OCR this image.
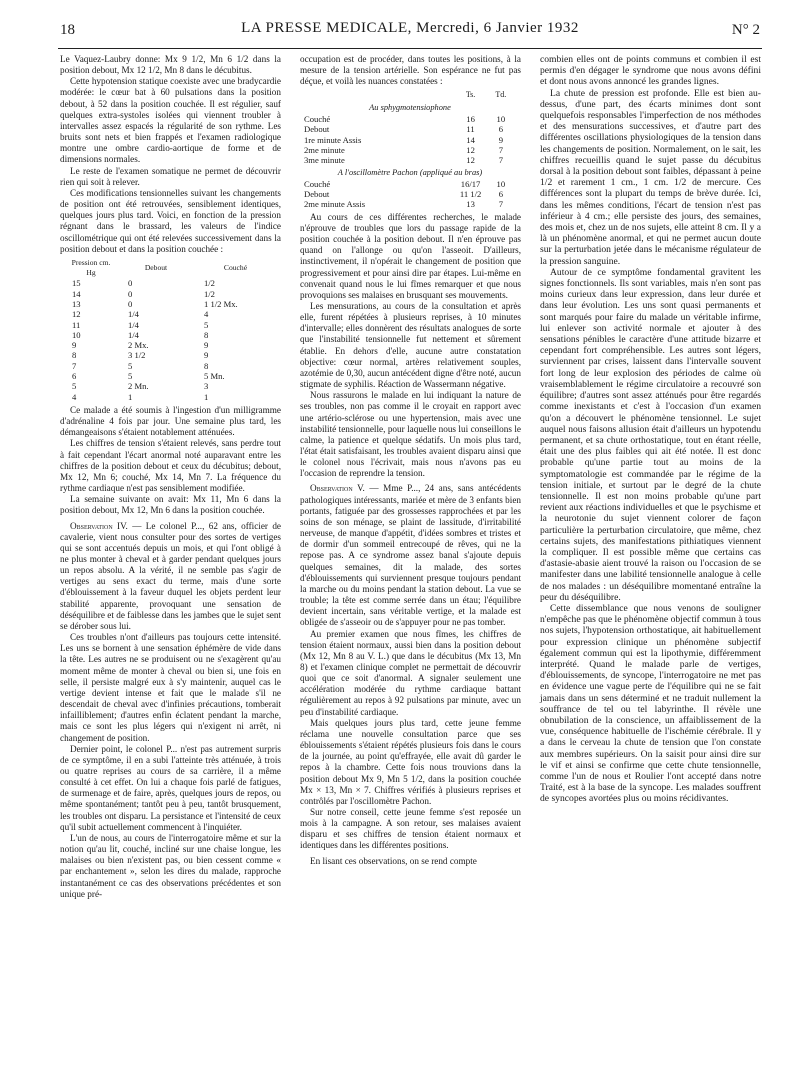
18	LA PRESSE MEDICALE, Mercredi, 6 Janvier 1932	N° 2

Le Vaquez-Laubry donne: Mx 9 1/2, Mn 6 1/2 dans la position debout, Mx 12 1/2, Mn 8 dans le décubitus.

Cette hypotension statique coexiste avec une bradycardie modérée: le cœur bat à 60 pulsations dans la position debout, à 52 dans la position couchée. Il est régulier, sauf quelques extra-systoles isolées qui viennent troubler à intervalles assez espacés la régularité de son rythme. Les bruits sont nets et bien frappés et l'examen radiologique montre une ombre cardio-aortique de forme et de dimensions normales.

Le reste de l'examen somatique ne permet de découvrir rien qui soit à relever.

Ces modifications tensionnelles suivant les changements de position ont été retrouvées, sensiblement identiques, quelques jours plus tard. Voici, en fonction de la pression régnant dans le brassard, les valeurs de l'indice oscillométrique qui ont été relevées successivement dans la position debout et dans la position couchée :

Pression cm. Hg	Debout	Couché
15	0	1/2
14	0	1/2
13	0	1 1/2 Mx.
12	1/4	4
11	1/4	5
10	1/4	8
9	2 Mx.	9
8	3 1/2	9
7	5	8
6	5	5 Mn.
5	2 Mn.	3
4	1	1

Ce malade a été soumis à l'ingestion d'un milligramme d'adrénaline 4 fois par jour. Une semaine plus tard, les démangeaisons s'étaient notablement atténuées.

Les chiffres de tension s'étaient relevés, sans perdre tout à fait cependant l'écart anormal noté auparavant entre les chiffres de la position debout et ceux du décubitus; debout, Mx 12, Mn 6; couché, Mx 14, Mn 7. La fréquence du rythme cardiaque n'est pas sensiblement modifiée.

La semaine suivante on avait: Mx 11, Mn 6 dans la position debout, Mx 12, Mn 6 dans la position couchée.

Observation IV. — Le colonel P..., 62 ans, officier de cavalerie, vient nous consulter pour des sortes de vertiges qui se sont accentués depuis un mois, et qui l'ont obligé à ne plus monter à cheval et à garder pendant quelques jours un repos absolu. A la vérité, il ne semble pas s'agir de vertiges au sens exact du terme, mais d'une sorte d'éblouissement à la faveur duquel les objets perdent leur stabilité apparente, provoquant une sensation de déséquilibre et de faiblesse dans les jambes que le sujet sent se dérober sous lui.

Ces troubles n'ont d'ailleurs pas toujours cette intensité. Les uns se bornent à une sensation éphémère de vide dans la tête. Les autres ne se produisent ou ne s'exagèrent qu'au moment même de monter à cheval ou bien si, une fois en selle, il persiste malgré eux à s'y maintenir, auquel cas le vertige devient intense et fait que le malade s'il ne descendait de cheval avec d'infinies précautions, tomberait infailliblement; d'autres enfin éclatent pendant la marche, mais ce sont les plus légers qui n'exigent ni arrêt, ni changement de position.

Dernier point, le colonel P... n'est pas autrement surpris de ce symptôme, il en a subi l'atteinte très atténuée, à trois ou quatre reprises au cours de sa carrière, il a même consulté à cet effet. On lui a chaque fois parlé de fatigues, de surmenage et de faire, après, quelques jours de repos, ou même spontanément; tantôt peu à peu, tantôt brusquement, les troubles ont disparu. La persistance et l'intensité de ceux qu'il subit actuellement commencent à l'inquiéter.

L'un de nous, au cours de l'interrogatoire même et sur la notion qu'au lit, couché, incliné sur une chaise longue, les malaises ou bien n'existent pas, ou bien cessent comme « par enchantement », selon les dires du malade, rapproche instantanément ce cas des observations précédentes et son unique pré-

occupation est de procéder, dans toutes les positions, à la mesure de la tension artérielle. Son espérance ne fut pas déçue, et voilà les nuances constatées :

	Ts.	Td.
Au sphygmotensiophone		
Couché	16	10
Debout	11	6
1re minute Assis	14	9
2me minute	12	7
3me minute	12	7
A l'oscillomètre Pachon (appliqué au bras)		
Couché	16/17	10
Debout	11 1/2	6
2me minute Assis	13	7

Au cours de ces différentes recherches, le malade n'éprouve de troubles que lors du passage rapide de la position couchée à la position debout. Il n'en éprouve pas quand on l'allonge ou qu'on l'asseoit. D'ailleurs, instinctivement, il n'opérait le changement de position que progressivement et pour ainsi dire par étapes. Lui-même en convenait quand nous le lui fîmes remarquer et que nous provoquions ses malaises en brusquant ses mouvements.

Les mensurations, au cours de la consultation et après elle, furent répétées à plusieurs reprises, à 10 minutes d'intervalle; elles donnèrent des résultats analogues de sorte que l'instabilité tensionnelle fut nettement et sûrement établie. En dehors d'elle, aucune autre constatation objective: cœur normal, artères relativement souples, azotémie de 0,30, aucun antécédent digne d'être noté, aucun stigmate de syphilis. Réaction de Wassermann négative.

Nous rassurons le malade en lui indiquant la nature de ses troubles, non pas comme il le croyait en rapport avec une artério-sclérose ou une hypertension, mais avec une instabilité tensionnelle, pour laquelle nous lui conseillons le calme, la patience et quelque sédatifs. Un mois plus tard, l'état était satisfaisant, les troubles avaient disparu ainsi que le colonel nous l'écrivait, mais nous n'avons pas eu l'occasion de reprendre la tension.

Observation V. — Mme P..., 24 ans, sans antécédents pathologiques intéressants, mariée et mère de 3 enfants bien portants, fatiguée par des grossesses rapprochées et par les soins de son ménage, se plaint de lassitude, d'irritabilité nerveuse, de manque d'appétit, d'idées sombres et tristes et de dormir d'un sommeil entrecoupé de rêves, qui ne la repose pas. A ce syndrome assez banal s'ajoute depuis quelques semaines, dit la malade, des sortes d'éblouissements qui surviennent presque toujours pendant la marche ou du moins pendant la station debout. La vue se trouble; la tête est comme serrée dans un étau; l'équilibre devient incertain, sans véritable vertige, et la malade est obligée de s'asseoir ou de s'appuyer pour ne pas tomber.

Au premier examen que nous fîmes, les chiffres de tension étaient normaux, aussi bien dans la position debout (Mx 12, Mn 8 au V. L.) que dans le décubitus (Mx 13, Mn 8) et l'examen clinique complet ne permettait de découvrir quoi que ce soit d'anormal. A signaler seulement une accélération modérée du rythme cardiaque battant régulièrement au repos à 92 pulsations par minute, avec un peu d'instabilité cardiaque.

Mais quelques jours plus tard, cette jeune femme réclama une nouvelle consultation parce que ses éblouissements s'étaient répétés plusieurs fois dans le cours de la journée, au point qu'effrayée, elle avait dû garder le repos à la chambre. Cette fois nous trouvions dans la position debout Mx 9, Mn 5 1/2, dans la position couchée Mx × 13, Mn × 7. Chiffres vérifiés à plusieurs reprises et contrôlés par l'oscillomètre Pachon.

Sur notre conseil, cette jeune femme s'est reposée un mois à la campagne. A son retour, ses malaises avaient disparu et ses chiffres de tension étaient normaux et identiques dans les différentes positions.

En lisant ces observations, on se rend compte

combien elles ont de points communs et combien il est permis d'en dégager le syndrome que nous avons défini et dont nous avons annoncé les grandes lignes.

La chute de pression est profonde. Elle est bien au-dessus, d'une part, des écarts minimes dont sont quelquefois responsables l'imperfection de nos méthodes et des mensurations successives, et d'autre part des différentes oscillations physiologiques de la tension dans les changements de position. Normalement, on le sait, les chiffres recueillis quand le sujet passe du décubitus dorsal à la position debout sont faibles, dépassant à peine 1/2 et rarement 1 cm., 1 cm. 1/2 de mercure. Ces différences sont la plupart du temps de brève durée. Ici, dans les mêmes conditions, l'écart de tension n'est pas inférieur à 4 cm.; elle persiste des jours, des semaines, des mois et, chez un de nos sujets, elle atteint 8 cm. Il y a là un phénomène anormal, et qui ne permet aucun doute sur la perturbation jetée dans le mécanisme régulateur de la pression sanguine.

Autour de ce symptôme fondamental gravitent les signes fonctionnels. Ils sont variables, mais n'en sont pas moins curieux dans leur expression, dans leur durée et dans leur évolution. Les uns sont quasi permanents et sont marqués pour faire du malade un véritable infirme, lui enlever son activité normale et ajouter à des sensations pénibles le caractère d'une attitude bizarre et cependant fort compréhensible. Les autres sont légers, surviennent par crises, laissent dans l'intervalle souvent fort long de leur explosion des périodes de calme où vraisemblablement le régime circulatoire a recouvré son équilibre; d'autres sont assez atténués pour être regardés comme inexistants et c'est à l'occasion d'un examen qu'on a découvert le phénomène tensionnel. Le sujet auquel nous faisons allusion était d'ailleurs un hypotendu permanent, et sa chute orthostatique, tout en étant réelle, était une des plus faibles qui ait été notée. Il est donc probable qu'une partie tout au moins de la symptomatologie est commandée par le régime de la tension initiale, et surtout par le degré de la chute tensionnelle. Il est non moins probable qu'une part revient aux réactions individuelles et que le psychisme et la neurotonie du sujet viennent colorer de façon particulière la perturbation circulatoire, que même, chez certains sujets, des manifestations pithiatiques viennent la compliquer. Il est possible même que certains cas d'astasie-abasie aient trouvé la raison ou l'occasion de se manifester dans une labilité tensionnelle analogue à celle de nos malades : un déséquilibre momentané entraîne la peur du déséquilibre.

Cette dissemblance que nous venons de souligner n'empêche pas que le phénomène objectif commun à tous nos sujets, l'hypotension orthostatique, ait habituellement pour expression clinique un phénomène subjectif également commun qui est la lipothymie, différemment interprété. Quand le malade parle de vertiges, d'éblouissements, de syncope, l'interrogatoire ne met pas en évidence une vague perte de l'équilibre qui ne se fait jamais dans un sens déterminé et ne traduit nullement la souffrance de tel ou tel labyrinthe. Il révèle une obnubilation de la conscience, un affaiblissement de la vue, conséquence habituelle de l'ischémie cérébrale. Il y a dans le cerveau la chute de tension que l'on constate aux membres supérieurs. On la saisit pour ainsi dire sur le vif et ainsi se confirme que cette chute tensionnelle, comme l'un de nous et Roulier l'ont accepté dans notre Traité, est à la base de la syncope. Les malades souffrent de syncopes avortées plus ou moins récidivantes.
